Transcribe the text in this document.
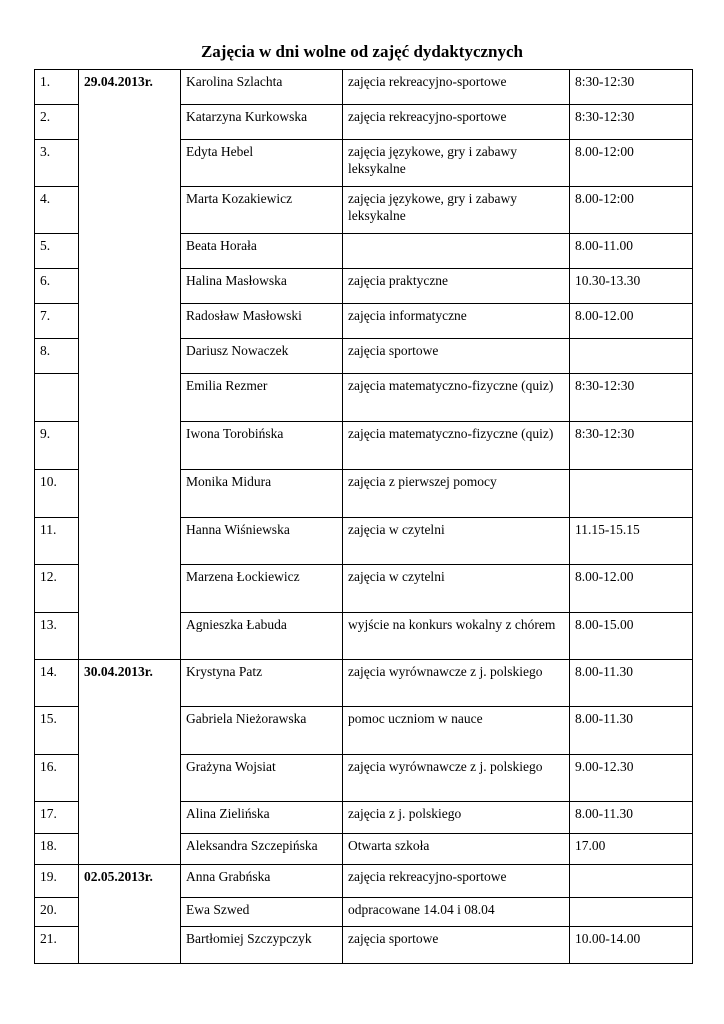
Zajęcia w dni wolne od zajęć dydaktycznych
1.	29.04.2013r.	Karolina Szlachta	zajęcia rekreacyjno-sportowe	8:30-12:30
2.		Katarzyna Kurkowska	zajęcia rekreacyjno-sportowe	8:30-12:30
3.		Edyta Hebel	zajęcia językowe, gry i zabawy leksykalne	8.00-12:00
4.		Marta Kozakiewicz	zajęcia językowe, gry i zabawy leksykalne	8.00-12:00
5.		Beata Horała		8.00-11.00
6.		Halina Masłowska	zajęcia praktyczne	10.30-13.30
7.		Radosław Masłowski	zajęcia informatyczne	8.00-12.00
8.		Dariusz Nowaczek	zajęcia sportowe	
		Emilia Rezmer	zajęcia matematyczno-fizyczne (quiz)	8:30-12:30
9.		Iwona Torobińska	zajęcia matematyczno-fizyczne (quiz)	8:30-12:30
10.		Monika Midura	zajęcia z pierwszej pomocy	
11.		Hanna Wiśniewska	zajęcia w czytelni	11.15-15.15
12.		Marzena Łockiewicz	zajęcia w czytelni	8.00-12.00
13.		Agnieszka Łabuda	wyjście na konkurs wokalny z chórem	8.00-15.00
14.	30.04.2013r.	Krystyna Patz	zajęcia wyrównawcze z j. polskiego	8.00-11.30
15.		Gabriela Nieżorawska	pomoc uczniom w nauce	8.00-11.30
16.		Grażyna Wojsiat	zajęcia wyrównawcze z j. polskiego	9.00-12.30
17.		Alina Zielińska	zajęcia z j. polskiego	8.00-11.30
18.		Aleksandra Szczepińska	Otwarta szkoła	17.00
19.	02.05.2013r.	Anna Grabńska	zajęcia rekreacyjno-sportowe	
20.		Ewa Szwed	odpracowane 14.04 i 08.04	
21.		Bartłomiej Szczypczyk	zajęcia sportowe	10.00-14.00
